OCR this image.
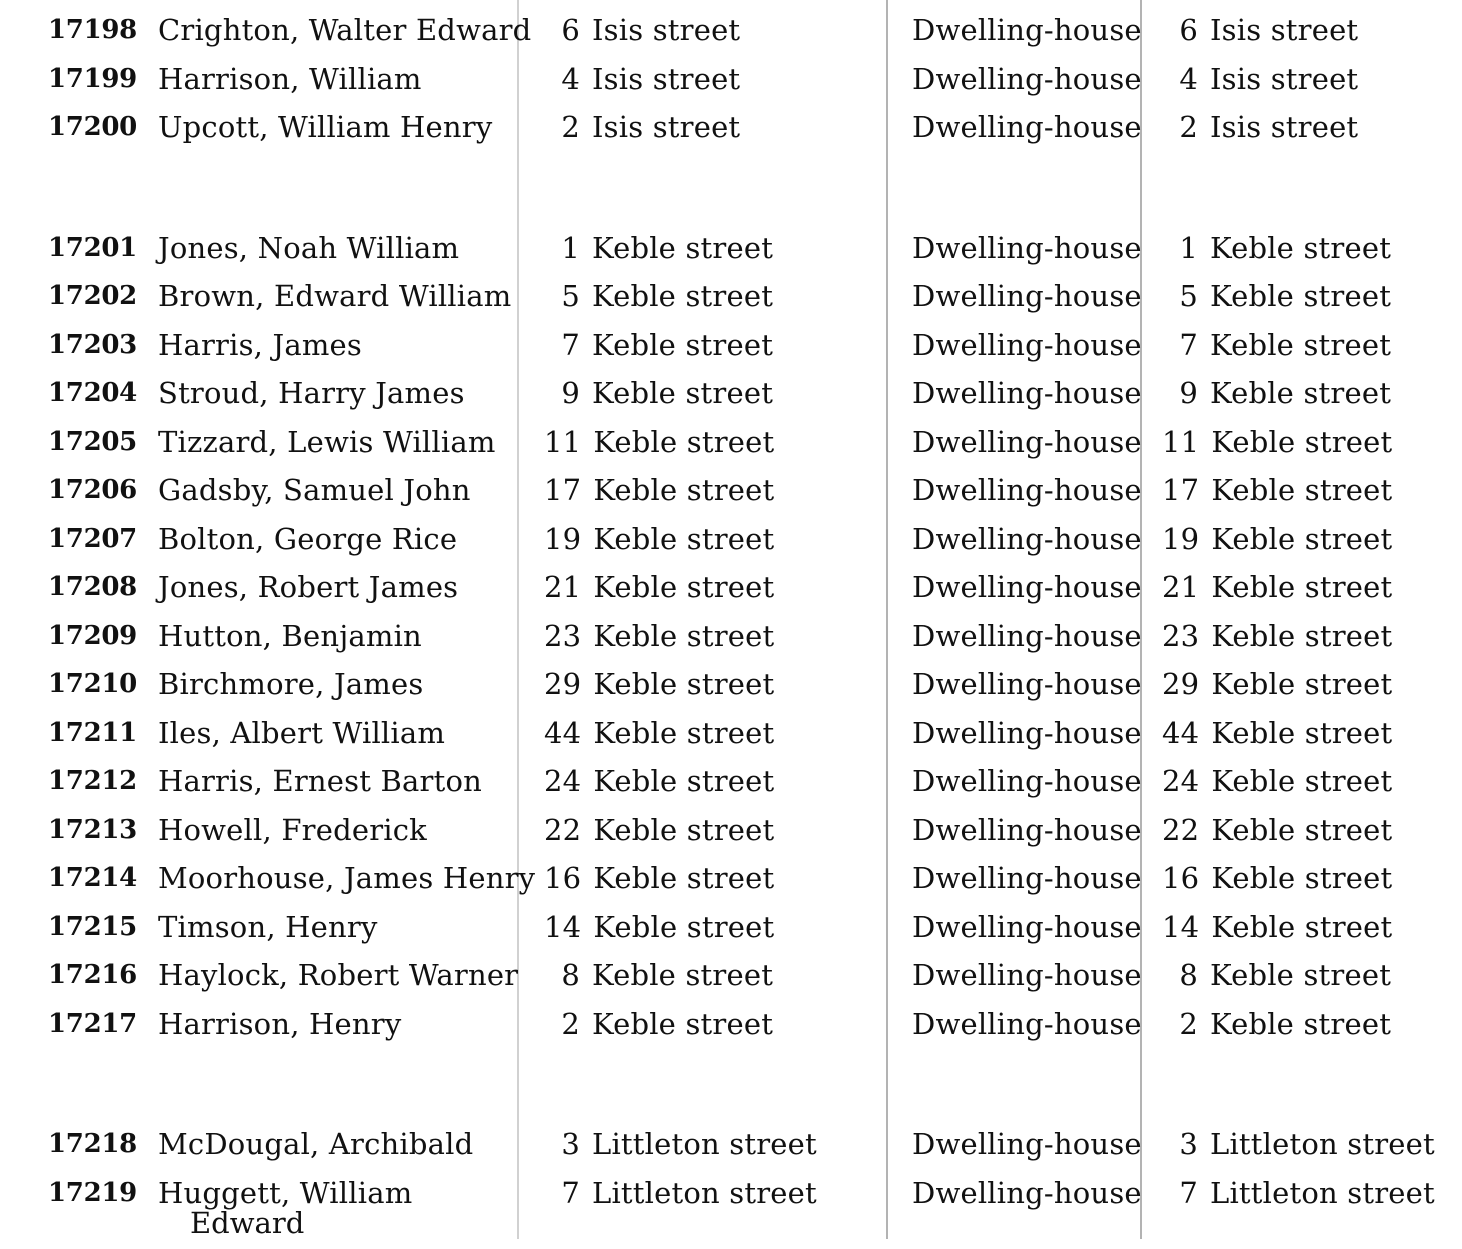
17198 Crighton, Walter Edward	6 Isis street	Dwelling-house	6 Isis street
17199 Harrison, William	4 Isis street	Dwelling-house	4 Isis street
17200 Upcott, William Henry	2 Isis street	Dwelling-house	2 Isis street
17201 Jones, Noah William	1 Keble street	Dwelling-house	1 Keble street
17202 Brown, Edward William	5 Keble street	Dwelling-house	5 Keble street
17203 Harris, James	7 Keble street	Dwelling-house	7 Keble street
17204 Stroud, Harry James	9 Keble street	Dwelling-house	9 Keble street
17205 Tizzard, Lewis William	11 Keble street	Dwelling-house 11 Keble street
17206 Gadsby, Samuel John	17 Keble street	Dwelling-house 17 Keble street
17207 Bolton, George Rice	19 Keble street	Dwelling-house 19 Keble street
17208 Jones, Robert James	21 Keble street	Dwelling-house 21 Keble street
17209 Hutton, Benjamin	23 Keble street	Dwelling-house 23 Keble street
17210 Birchmore, James	29 Keble street	Dwelling-house 29 Keble street
17211 Iles, Albert William	44 Keble street	Dwelling-house 44 Keble street
17212 Harris, Ernest Barton	24 Keble street	Dwelling-house 24 Keble street
17213 Howell, Frederick	22 Keble street	Dwelling-house 22 Keble street
17214 Moorhouse, James Henry 16 Keble street	Dwelling-house 16 Keble street
17215 Timson, Henry	14 Keble street	Dwelling-house 14 Keble street
17216 Haylock, Robert Warner	8 Keble street	Dwelling-house	8 Keble street
17217 Harrison, Henry	2 Keble street	Dwelling-house	2 Keble street
17218 McDougal, Archibald	3 Littleton street	Dwelling-house	3 Littleton street
17219 Huggett, William	7 Littleton street	Dwelling-house	7 Littleton street
Edward
